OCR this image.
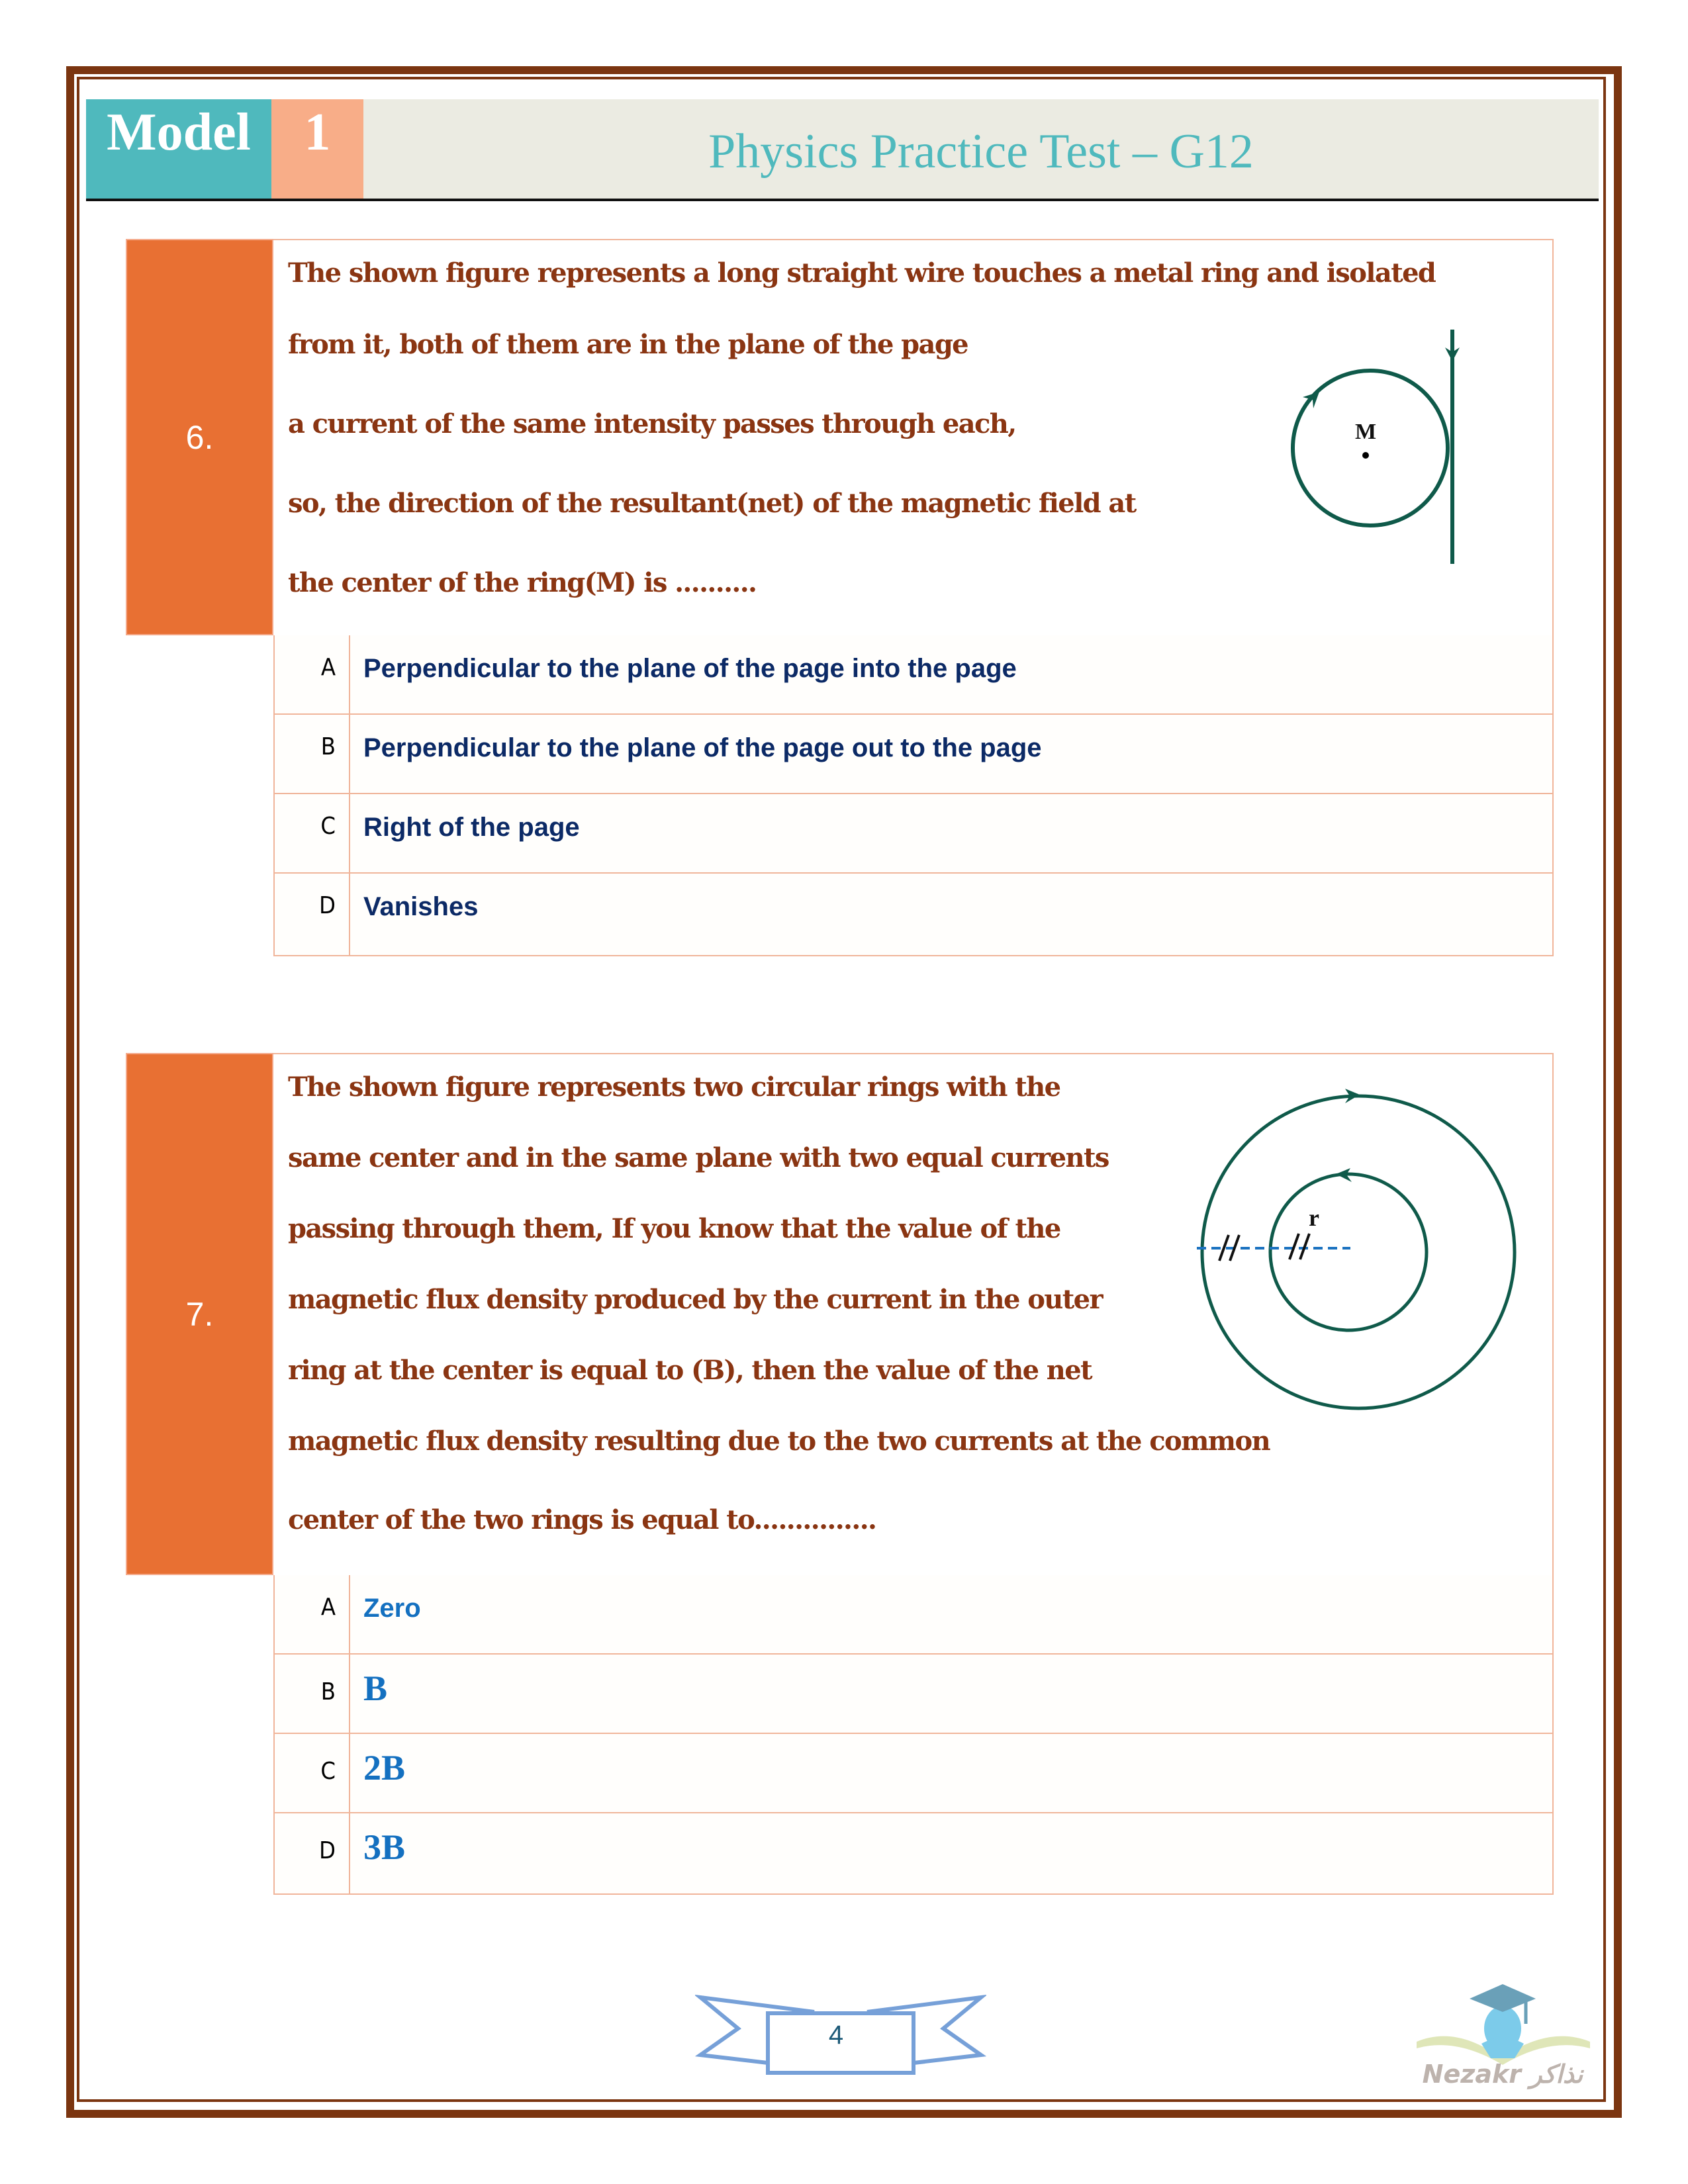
Model	1	Physics Practice Test – G12
6.
The shown figure represents a long straight wire touches a metal ring and isolated
from it, both of them are in the plane of the page
a current of the same intensity passes through each,
so, the direction of the resultant(net) of the magnetic field at
the center of the ring(M) is ..........
M
A	Perpendicular to the plane of the page into the page
B	Perpendicular to the plane of the page out to the page
C	Right of the page
D	Vanishes
7.
The shown figure represents two circular rings with the
same center and in the same plane with two equal currents
passing through them, If you know that the value of the
magnetic flux density produced by the current in the outer
ring at the center is equal to (B), then the value of the net
magnetic flux density resulting due to the two currents at the common
center of the two rings is equal to...............
r
A	Zero
B B
C 2B
D 3B
4
Nezakr نذاكر
